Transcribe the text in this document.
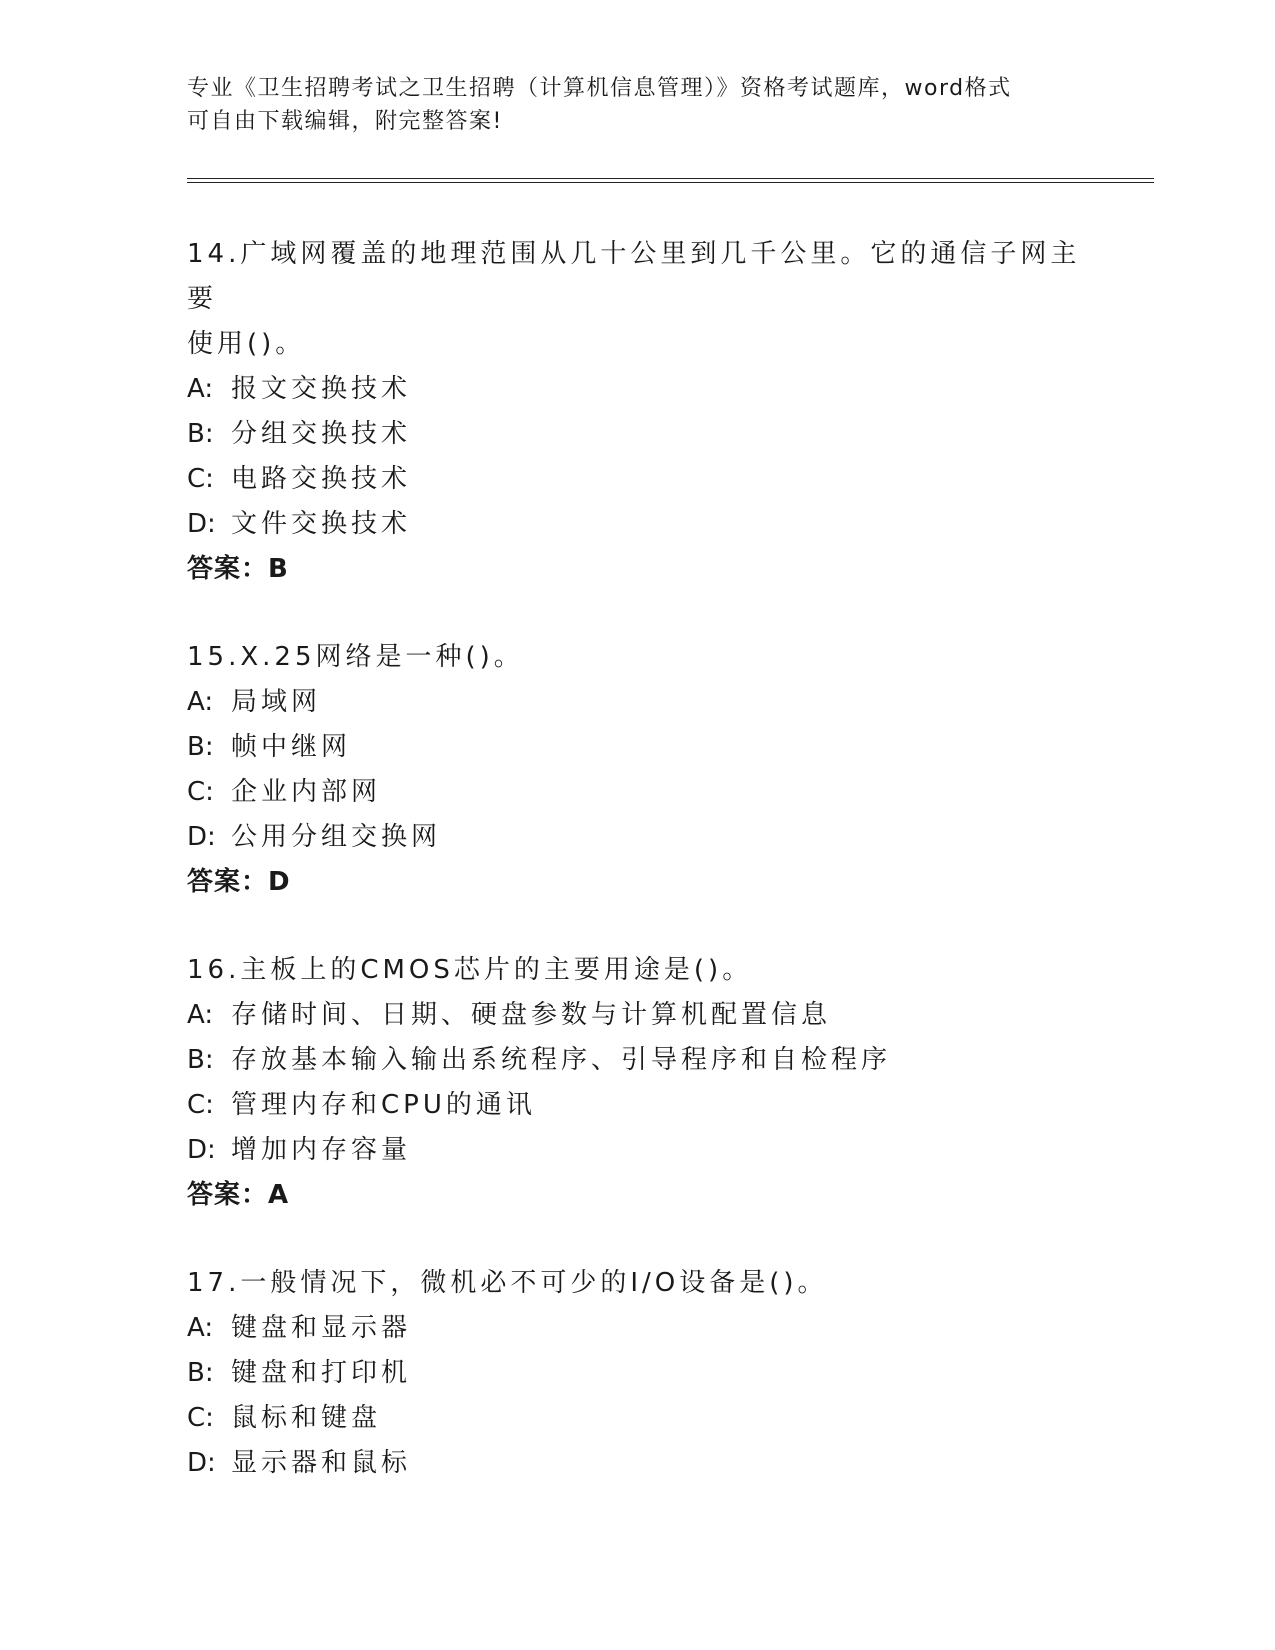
专业《卫生招聘考试之卫生招聘（计算机信息管理）》资格考试题库，word格式
可自由下载编辑，附完整答案!
14.广域网覆盖的地理范围从几十公里到几千公里。它的通信子网主要
使用()。
A: 报文交换技术
B: 分组交换技术
C: 电路交换技术
D: 文件交换技术
答案：B
15.X.25网络是一种()。
A: 局域网
B: 帧中继网
C: 企业内部网
D: 公用分组交换网
答案：D
16.主板上的CMOS芯片的主要用途是()。
A: 存储时间、日期、硬盘参数与计算机配置信息
B: 存放基本输入输出系统程序、引导程序和自检程序
C: 管理内存和CPU的通讯
D: 增加内存容量
答案：A
17.一般情况下，微机必不可少的I/O设备是()。
A: 键盘和显示器
B: 键盘和打印机
C: 鼠标和键盘
D: 显示器和鼠标
